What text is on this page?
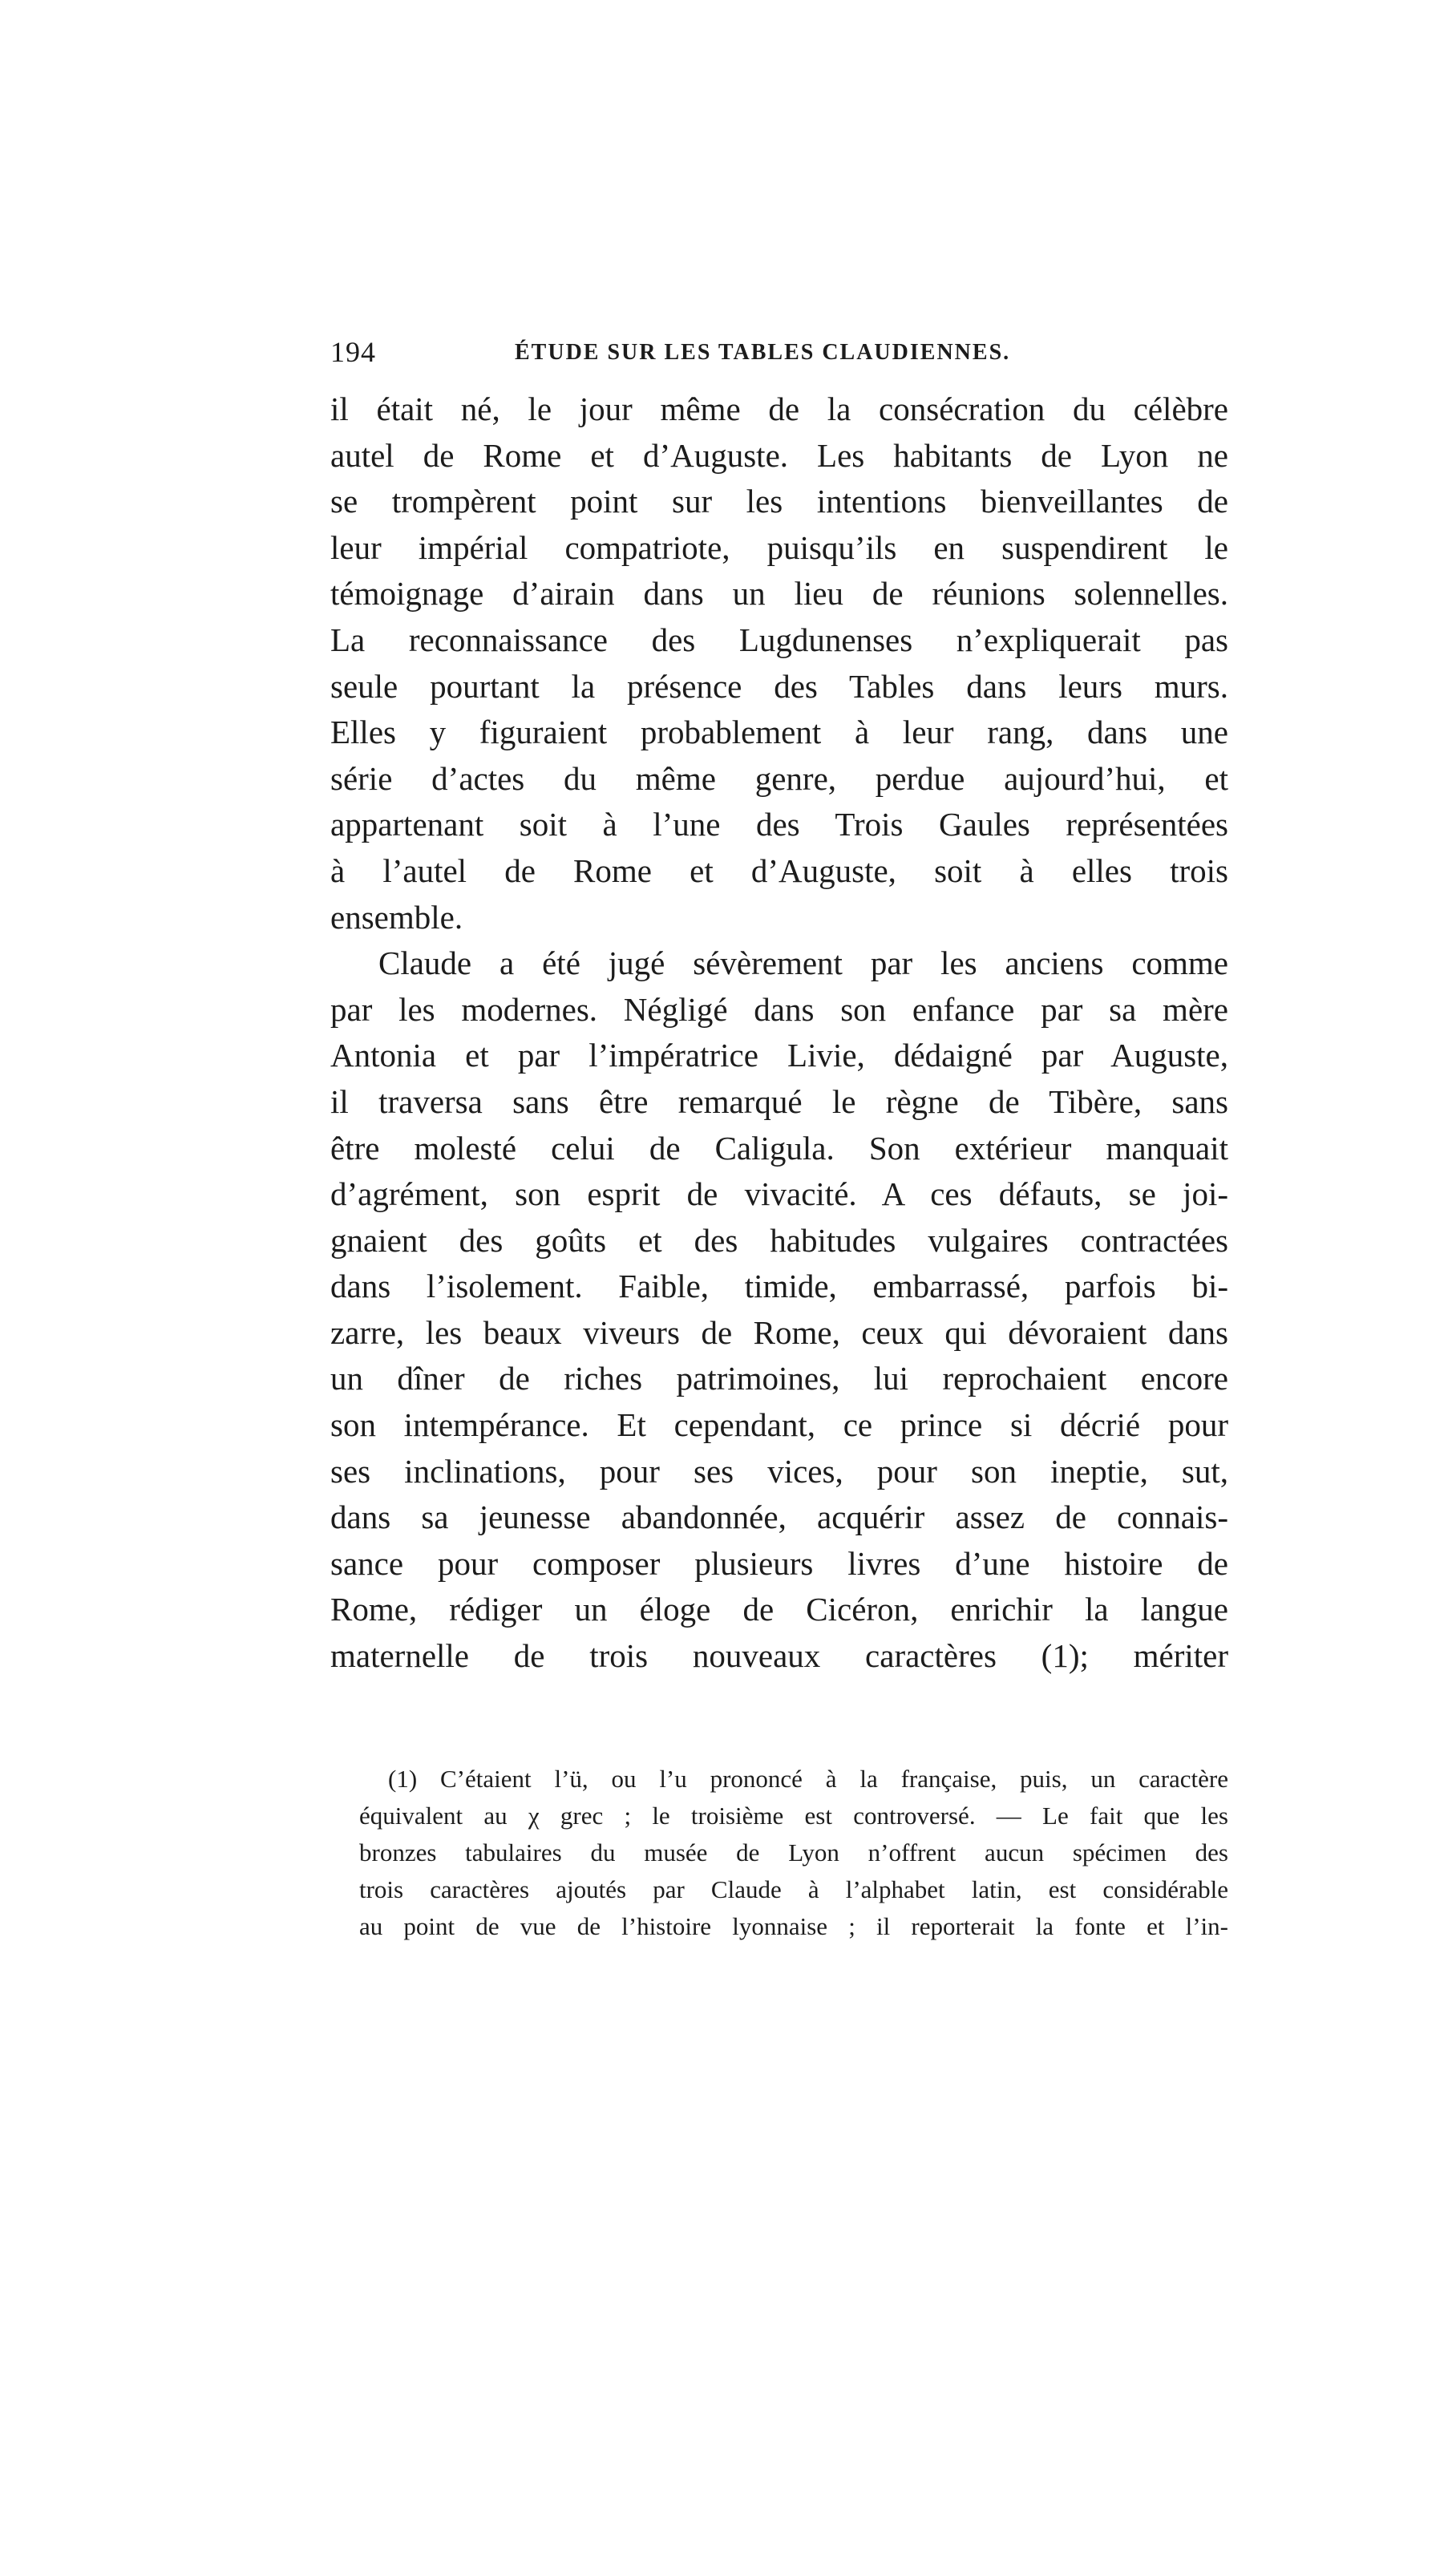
194	ÉTUDE SUR LES TABLES CLAUDIENNES.
il était né, le jour même de la consécration du célèbre
autel de Rome et d’Auguste. Les habitants de Lyon ne
se trompèrent point sur les intentions bienveillantes de
leur impérial compatriote, puisqu’ils en suspendirent le
témoignage d’airain dans un lieu de réunions solennelles.
La reconnaissance des Lugdunenses n’expliquerait pas
seule pourtant la présence des Tables dans leurs murs.
Elles y figuraient probablement à leur rang, dans une
série d’actes du même genre, perdue aujourd’hui, et
appartenant soit à l’une des Trois Gaules représentées
à l’autel de Rome et d’Auguste, soit à elles trois
ensemble.
Claude a été jugé sévèrement par les anciens comme
par les modernes. Négligé dans son enfance par sa mère
Antonia et par l’impératrice Livie, dédaigné par Auguste,
il traversa sans être remarqué le règne de Tibère, sans
être molesté celui de Caligula. Son extérieur manquait
d’agrément, son esprit de vivacité. A ces défauts, se joi-
gnaient des goûts et des habitudes vulgaires contractées
dans l’isolement. Faible, timide, embarrassé, parfois bi-
zarre, les beaux viveurs de Rome, ceux qui dévoraient dans
un dîner de riches patrimoines, lui reprochaient encore
son intempérance. Et cependant, ce prince si décrié pour
ses inclinations, pour ses vices, pour son ineptie, sut,
dans sa jeunesse abandonnée, acquérir assez de connais-
sance pour composer plusieurs livres d’une histoire de
Rome, rédiger un éloge de Cicéron, enrichir la langue
maternelle de trois nouveaux caractères (1); mériter
(1) C’étaient l’ü, ou l’u prononcé à la française, puis, un caractère
équivalent au χ grec ; le troisième est controversé. — Le fait que les
bronzes tabulaires du musée de Lyon n’offrent aucun spécimen des
trois caractères ajoutés par Claude à l’alphabet latin, est considérable
au point de vue de l’histoire lyonnaise ; il reporterait la fonte et l’in-
